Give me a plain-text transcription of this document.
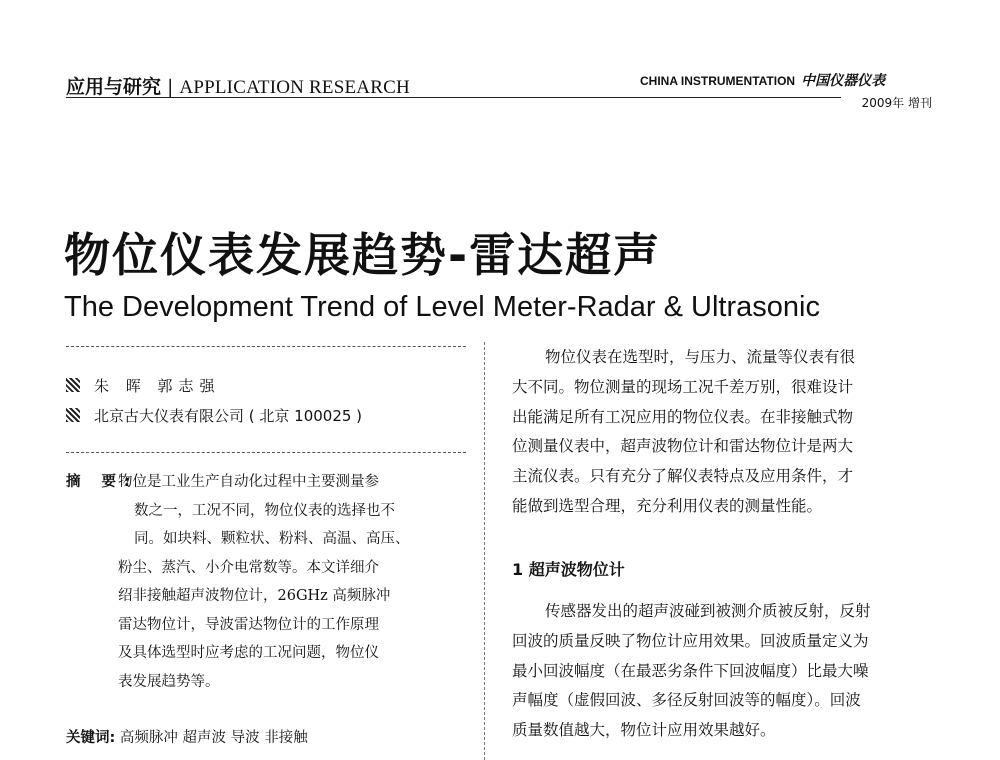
应用与研究 | APPLICATION RESEARCH	CHINA INSTRUMENTATION 中国仪器仪表
2009年 增刊
物位仪表发展趋势-雷达超声
The Development Trend of Level Meter-Radar & Ultrasonic
朱 晖 郭志强
北京古大仪表有限公司 ( 北京 100025 )
摘 要:
物位是工业生产自动化过程中主要测量参
数之一，工况不同，物位仪表的选择也不
同。如块料、颗粒状、粉料、高温、高压、
粉尘、蒸汽、小介电常数等。本文详细介
绍非接触超声波物位计，26GHz 高频脉冲
雷达物位计，导波雷达物位计的工作原理
及具体选型时应考虑的工况问题，物位仪
表发展趋势等。
关键词: 高频脉冲 超声波 导波 非接触
物位仪表在选型时，与压力、流量等仪表有很
大不同。物位测量的现场工况千差万别，很难设计
出能满足所有工况应用的物位仪表。在非接触式物
位测量仪表中，超声波物位计和雷达物位计是两大
主流仪表。只有充分了解仪表特点及应用条件，才
能做到选型合理，充分利用仪表的测量性能。
1 超声波物位计
传感器发出的超声波碰到被测介质被反射，反射
回波的质量反映了物位计应用效果。回波质量定义为
最小回波幅度（在最恶劣条件下回波幅度）比最大噪
声幅度（虚假回波、多径反射回波等的幅度）。回波
质量数值越大，物位计应用效果越好。
